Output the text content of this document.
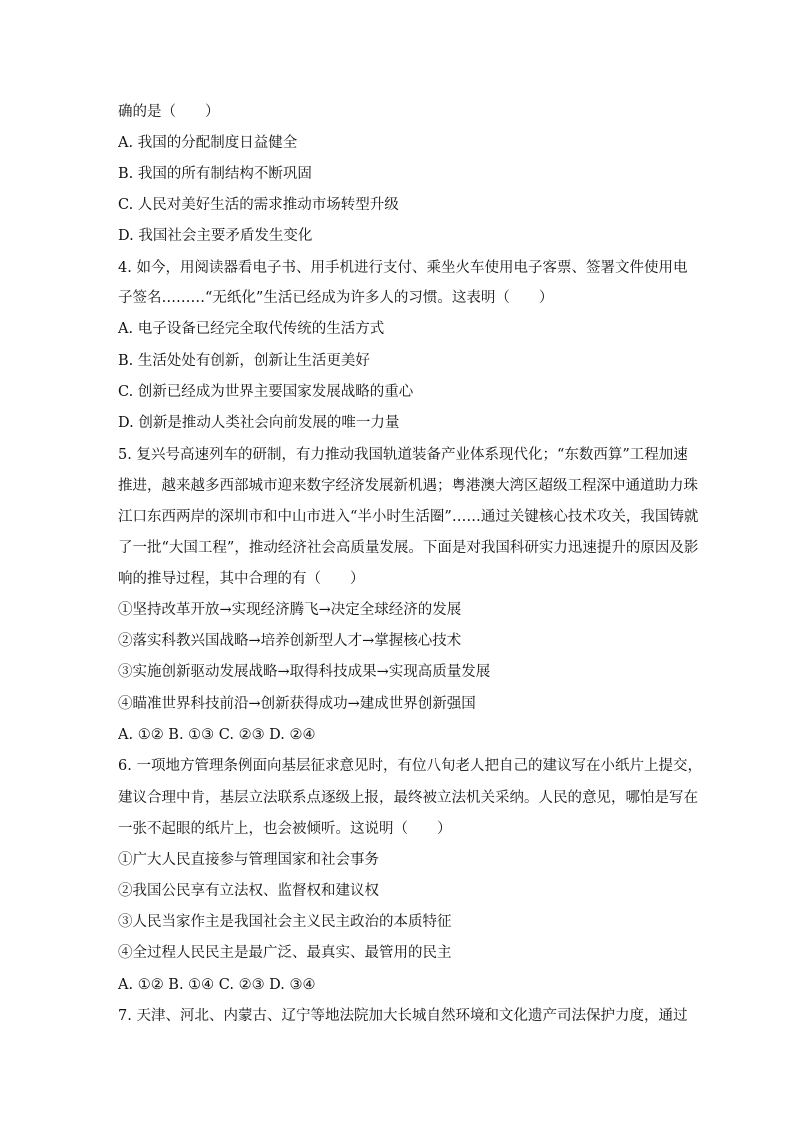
确的是（　　）
A. 我国的分配制度日益健全
B. 我国的所有制结构不断巩固
C. 人民对美好生活的需求推动市场转型升级
D. 我国社会主要矛盾发生变化
4. 如今，用阅读器看电子书、用手机进行支付、乘坐火车使用电子客票、签署文件使用电
子签名………“无纸化”生活已经成为许多人的习惯。这表明（　　）
A. 电子设备已经完全取代传统的生活方式
B. 生活处处有创新，创新让生活更美好
C. 创新已经成为世界主要国家发展战略的重心
D. 创新是推动人类社会向前发展的唯一力量
5. 复兴号高速列车的研制，有力推动我国轨道装备产业体系现代化；“东数西算”工程加速
推进，越来越多西部城市迎来数字经济发展新机遇；粤港澳大湾区超级工程深中通道助力珠
江口东西两岸的深圳市和中山市进入“半小时生活圈”……通过关键核心技术攻关，我国铸就
了一批“大国工程”，推动经济社会高质量发展。下面是对我国科研实力迅速提升的原因及影
响的推导过程，其中合理的有（　　）
①坚持改革开放→实现经济腾飞→决定全球经济的发展
②落实科教兴国战略→培养创新型人才→掌握核心技术
③实施创新驱动发展战略→取得科技成果→实现高质量发展
④瞄准世界科技前沿→创新获得成功→建成世界创新强国
A. ①② B. ①③ C. ②③ D. ②④
6. 一项地方管理条例面向基层征求意见时，有位八旬老人把自己的建议写在小纸片上提交，
建议合理中肯，基层立法联系点逐级上报，最终被立法机关采纳。人民的意见，哪怕是写在
一张不起眼的纸片上，也会被倾听。这说明（　　）
①广大人民直接参与管理国家和社会事务
②我国公民享有立法权、监督权和建议权
③人民当家作主是我国社会主义民主政治的本质特征
④全过程人民民主是最广泛、最真实、最管用的民主
A. ①② B. ①④ C. ②③ D. ③④
7. 天津、河北、内蒙古、辽宁等地法院加大长城自然环境和文化遗产司法保护力度，通过
